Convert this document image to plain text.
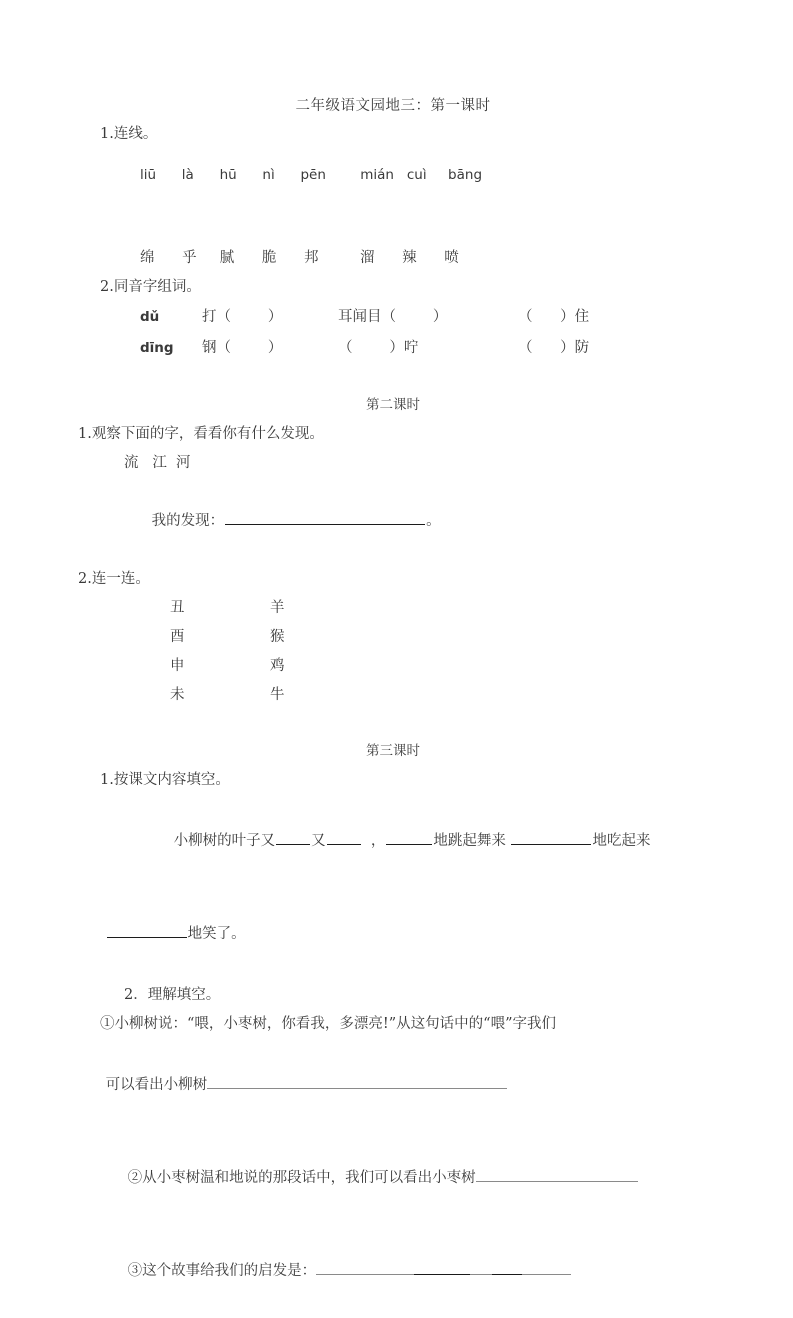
二年级语文园地三：第一课时
1.连线。
liū      là      hū      nì      pēn        mián   cuì     bāng
绵      乎     腻      脆      邦         溜      辣      喷
2.同音字组词。
dǔ	打（        ）	耳闻目（        ）	（      ）住
dīng	钢（        ）	（        ）咛	（      ）防
第二课时
1.观察下面的字，看看你有什么发现。
流   江  河

我的发现：	。

2.连一连。
丑	羊
酉	猴
申	鸡
未	牛
第三课时
1.按课文内容填空。

小柳树的叶子又 又  ，	地跳起舞来	地吃起来

地笑了。

2．理解填空。
①小柳树说：“喂，小枣树，你看我，多漂亮!”从这句话中的“喂”字我们

可以看出小柳树

②从小枣树温和地说的那段话中，我们可以看出小枣树

③这个故事给我们的启发是：
